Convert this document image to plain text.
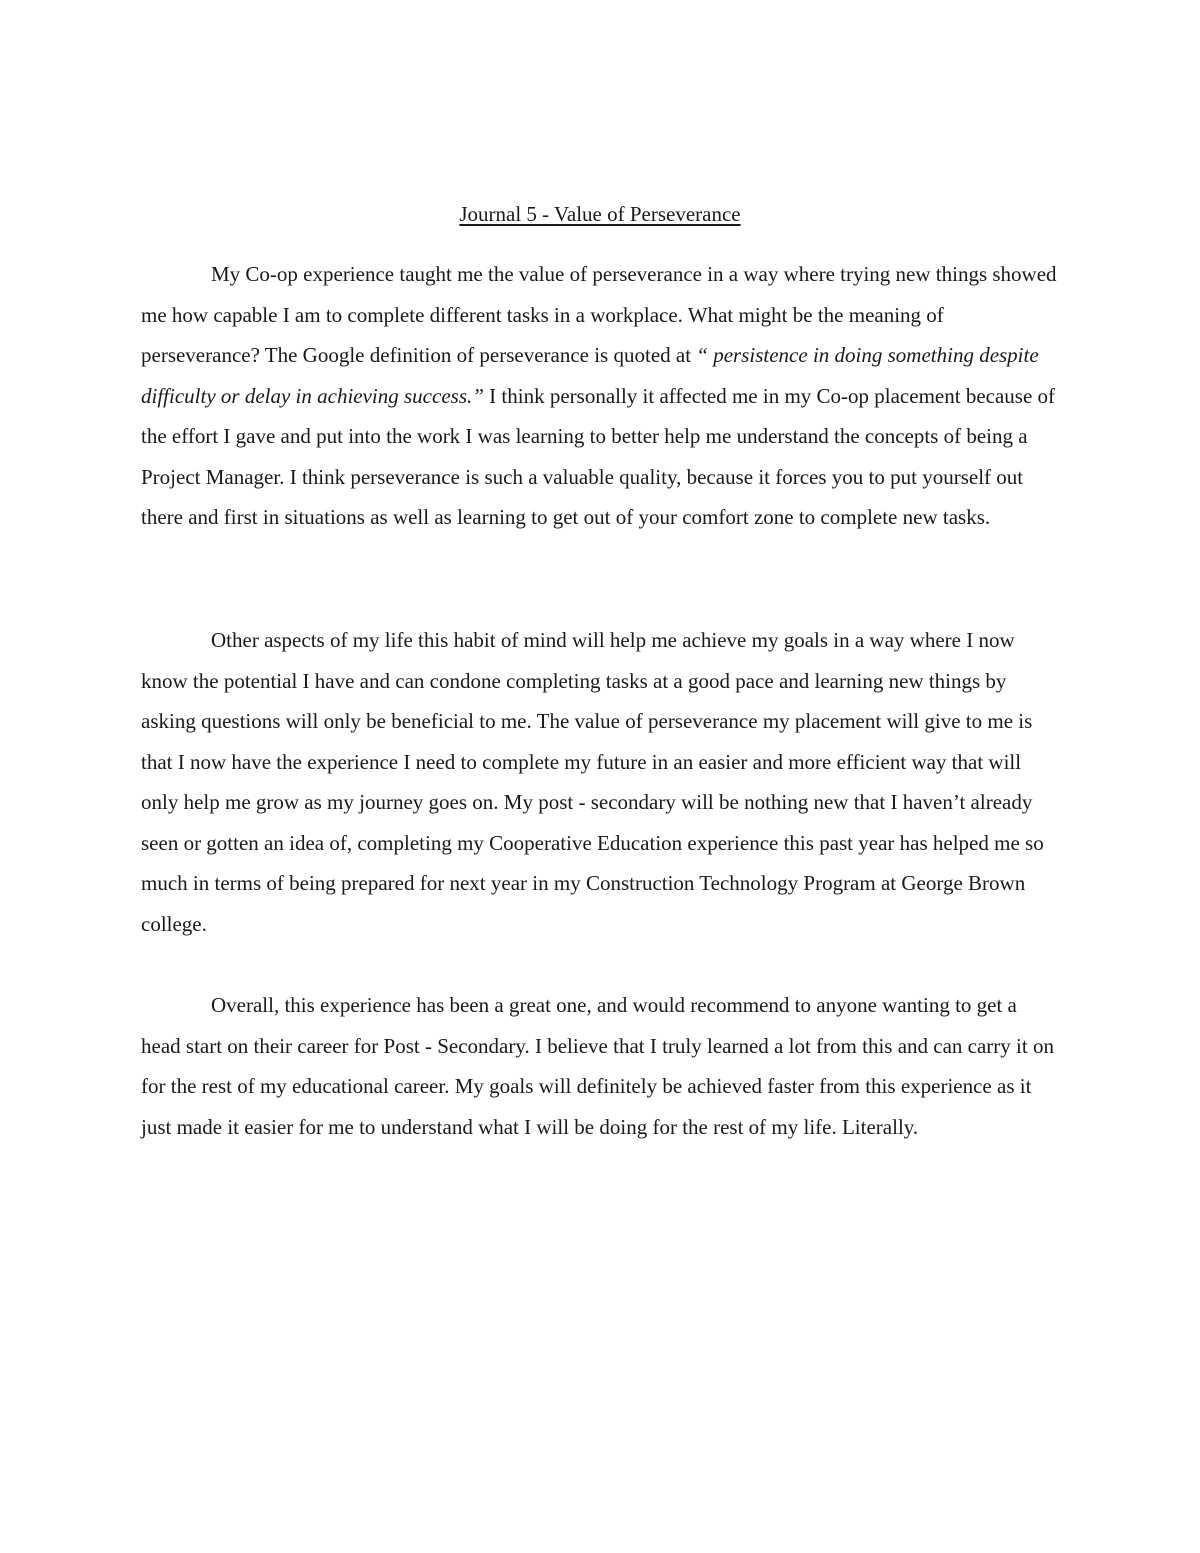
Journal 5 - Value of Perseverance

My Co-op experience taught me the value of perseverance in a way where trying new things showed me how capable I am to complete different tasks in a workplace. What might be the meaning of perseverance? The Google definition of perseverance is quoted at “ persistence in doing something despite difficulty or delay in achieving success.” I think personally it affected me in my Co-op placement because of the effort I gave and put into the work I was learning to better help me understand the concepts of being a Project Manager. I think perseverance is such a valuable quality, because it forces you to put yourself out there and first in situations as well as learning to get out of your comfort zone to complete new tasks.

Other aspects of my life this habit of mind will help me achieve my goals in a way where I now know the potential I have and can condone completing tasks at a good pace and learning new things by asking questions will only be beneficial to me. The value of perseverance my placement will give to me is that I now have the experience I need to complete my future in an easier and more efficient way that will only help me grow as my journey goes on. My post - secondary will be nothing new that I haven’t already seen or gotten an idea of, completing my Cooperative Education experience this past year has helped me so much in terms of being prepared for next year in my Construction Technology Program at George Brown college.

Overall, this experience has been a great one, and would recommend to anyone wanting to get a head start on their career for Post - Secondary. I believe that I truly learned a lot from this and can carry it on for the rest of my educational career. My goals will definitely be achieved faster from this experience as it just made it easier for me to understand what I will be doing for the rest of my life. Literally.
